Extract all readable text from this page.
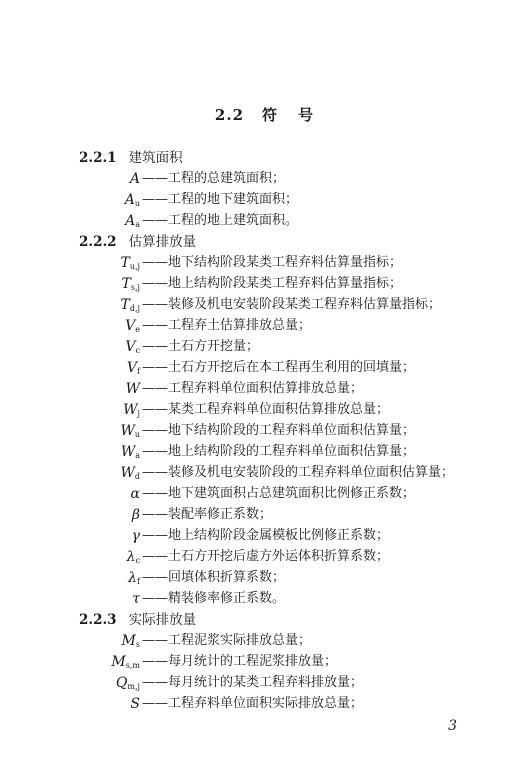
2.2 符 号
2.2.1 建筑面积
2.2.2 估算排放量
2.2.3 实际排放量
A ——工程的总建筑面积；
$A_u$ ——工程的地下建筑面积；
$A_a$ ——工程的地上建筑面积。
$T_{u,j}$ ——地下结构阶段某类工程弃料估算量指标；
$T_{s,j}$ ——地上结构阶段某类工程弃料估算量指标；
$T_{d,j}$ ——装修及机电安装阶段某类工程弃料估算量指标；
$V_e$ ——工程弃土估算排放总量；
$V_c$ ——土石方开挖量；
$V_f$ ——土石方开挖后在本工程再生利用的回填量；
W ——工程弃料单位面积估算排放总量；
$W_j$ ——某类工程弃料单位面积估算排放总量；
$W_u$ ——地下结构阶段的工程弃料单位面积估算量；
$W_a$ ——地上结构阶段的工程弃料单位面积估算量；
$W_d$ ——装修及机电安装阶段的工程弃料单位面积估算量；
α ——地下建筑面积占总建筑面积比例修正系数；
β ——装配率修正系数；
γ ——地上结构阶段金属模板比例修正系数；
$\lambda_c$ ——土石方开挖后虚方外运体积折算系数；
$\lambda_f$ ——回填体积折算系数；
τ ——精装修率修正系数。
$M_s$ ——工程泥浆实际排放总量；
$M_{s,m}$ ——每月统计的工程泥浆排放量；
$Q_{m,j}$ ——每月统计的某类工程弃料排放量；
S ——工程弃料单位面积实际排放总量；
3
